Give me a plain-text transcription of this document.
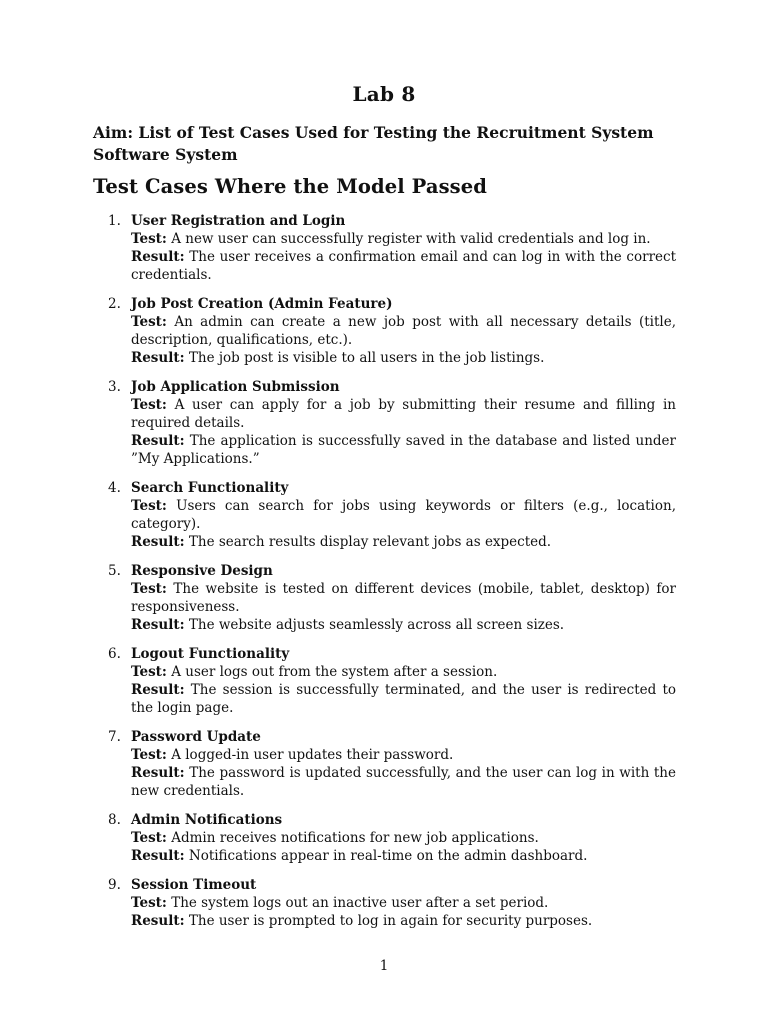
Lab 8
Aim: List of Test Cases Used for Testing the Recruitment System Software System
Test Cases Where the Model Passed
1. User Registration and Login
Test: A new user can successfully register with valid credentials and log in.
Result: The user receives a confirmation email and can log in with the correct credentials.
2. Job Post Creation (Admin Feature)
Test: An admin can create a new job post with all necessary details (title, description, qualifications, etc.).
Result: The job post is visible to all users in the job listings.
3. Job Application Submission
Test: A user can apply for a job by submitting their resume and filling in required details.
Result: The application is successfully saved in the database and listed under ”My Applications.”
4. Search Functionality
Test: Users can search for jobs using keywords or filters (e.g., location, category).
Result: The search results display relevant jobs as expected.
5. Responsive Design
Test: The website is tested on different devices (mobile, tablet, desktop) for responsiveness.
Result: The website adjusts seamlessly across all screen sizes.
6. Logout Functionality
Test: A user logs out from the system after a session.
Result: The session is successfully terminated, and the user is redirected to the login page.
7. Password Update
Test: A logged-in user updates their password.
Result: The password is updated successfully, and the user can log in with the new credentials.
8. Admin Notifications
Test: Admin receives notifications for new job applications.
Result: Notifications appear in real-time on the admin dashboard.
9. Session Timeout
Test: The system logs out an inactive user after a set period.
Result: The user is prompted to log in again for security purposes.
1
